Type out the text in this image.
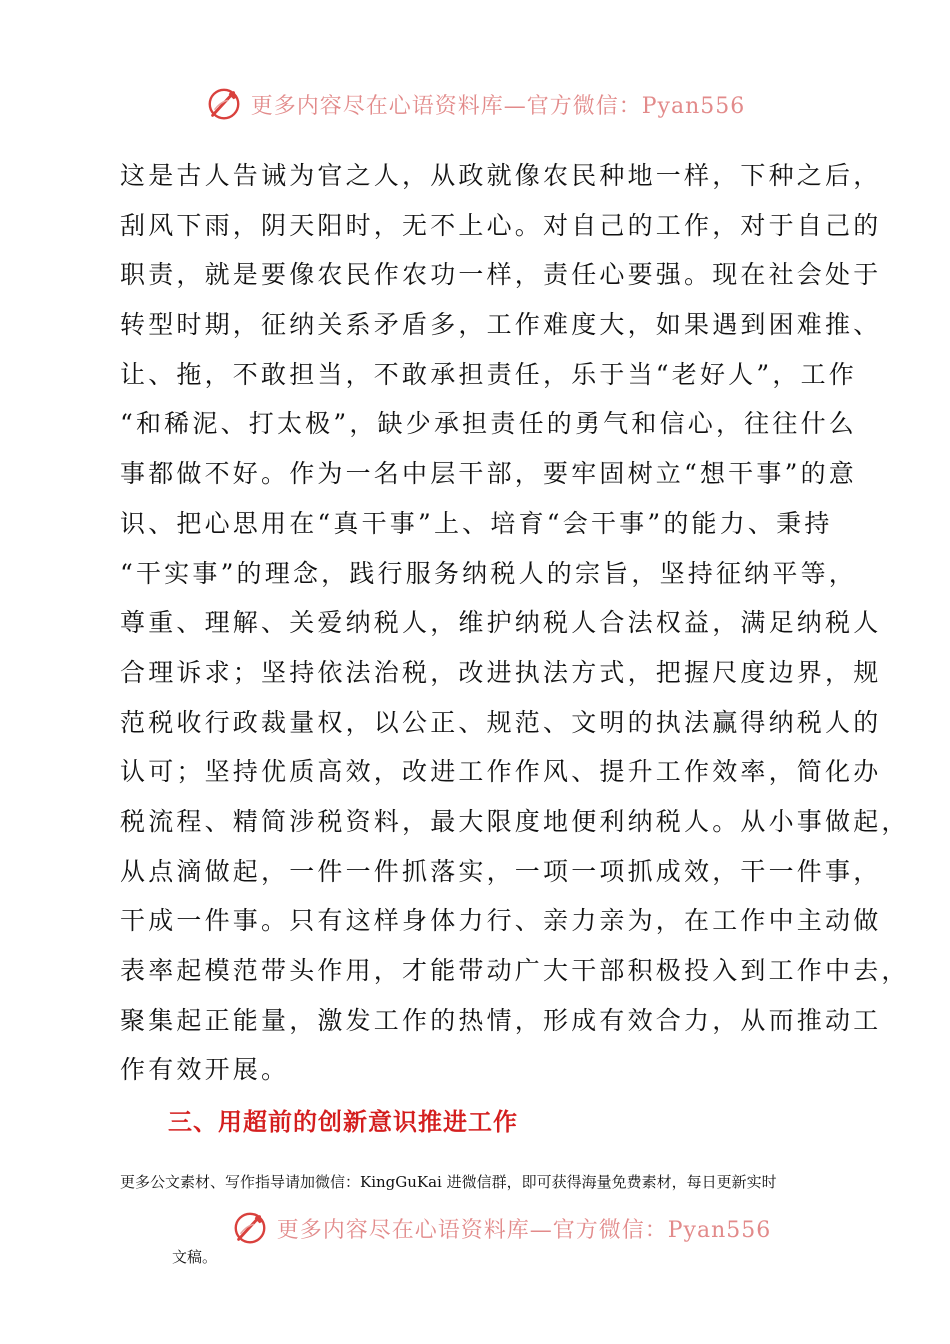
更多内容尽在心语资料库—官方微信：Pyan556
这是古人告诫为官之人，从政就像农民种地一样，下种之后，
刮风下雨，阴天阳时，无不上心。对自己的工作，对于自己的
职责，就是要像农民作农功一样，责任心要强。现在社会处于
转型时期，征纳关系矛盾多，工作难度大，如果遇到困难推、
让、拖，不敢担当，不敢承担责任，乐于当“老好人”，工作
“和稀泥、打太极”，缺少承担责任的勇气和信心，往往什么
事都做不好。作为一名中层干部，要牢固树立“想干事”的意
识、把心思用在“真干事”上、培育“会干事”的能力、秉持
“干实事”的理念，践行服务纳税人的宗旨，坚持征纳平等，
尊重、理解、关爱纳税人，维护纳税人合法权益，满足纳税人
合理诉求；坚持依法治税，改进执法方式，把握尺度边界，规
范税收行政裁量权，以公正、规范、文明的执法赢得纳税人的
认可；坚持优质高效，改进工作作风、提升工作效率，简化办
税流程、精简涉税资料，最大限度地便利纳税人。从小事做起，
从点滴做起，一件一件抓落实，一项一项抓成效，干一件事，
干成一件事。只有这样身体力行、亲力亲为，在工作中主动做
表率起模范带头作用，才能带动广大干部积极投入到工作中去，
聚集起正能量，激发工作的热情，形成有效合力，从而推动工
作有效开展。
三、用超前的创新意识推进工作

更多公文素材、写作指导请加微信：KingGuKai 进微信群，即可获得海量免费素材，每日更新实时

更多内容尽在心语资料库—官方微信：Pyan556

文稿。
